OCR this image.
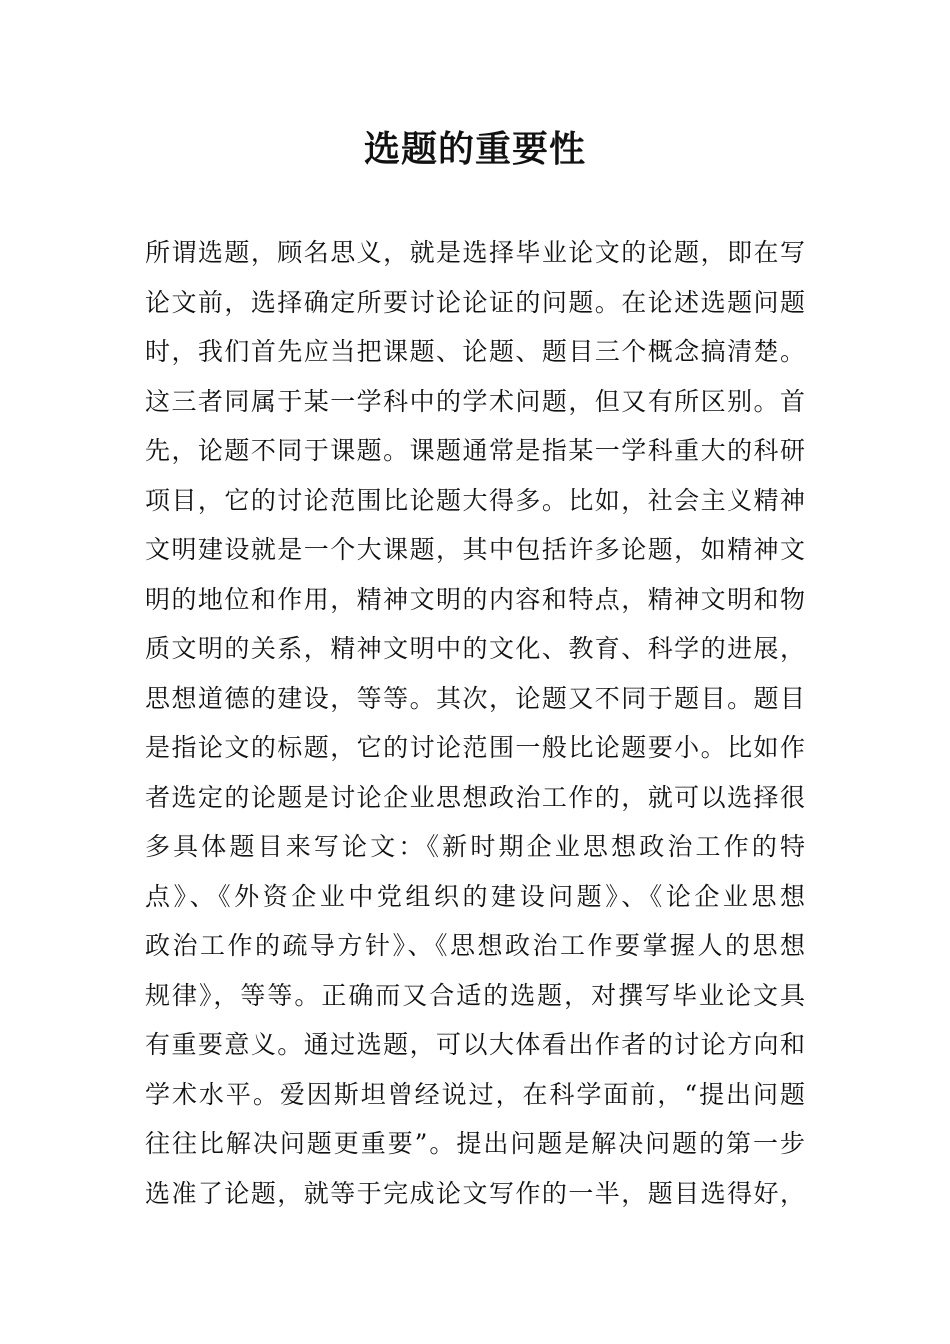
选题的重要性
所谓选题，顾名思义，就是选择毕业论文的论题，即在写
论文前，选择确定所要讨论论证的问题。在论述选题问题
时，我们首先应当把课题、论题、题目三个概念搞清楚。
这三者同属于某一学科中的学术问题，但又有所区别。首
先，论题不同于课题。课题通常是指某一学科重大的科研
项目，它的讨论范围比论题大得多。比如，社会主义精神
文明建设就是一个大课题，其中包括许多论题，如精神文
明的地位和作用，精神文明的内容和特点，精神文明和物
质文明的关系，精神文明中的文化、教育、科学的进展，
思想道德的建设，等等。其次，论题又不同于题目。题目
是指论文的标题，它的讨论范围一般比论题要小。比如作
者选定的论题是讨论企业思想政治工作的，就可以选择很
多具体题目来写论文：《新时期企业思想政治工作的特
点》、《外资企业中党组织的建设问题》、《论企业思想
政治工作的疏导方针》、《思想政治工作要掌握人的思想
规律》，等等。正确而又合适的选题，对撰写毕业论文具
有重要意义。通过选题，可以大体看出作者的讨论方向和
学术水平。爱因斯坦曾经说过，在科学面前，“提出问题
往往比解决问题更重要”。提出问题是解决问题的第一步
选准了论题，就等于完成论文写作的一半，题目选得好，
